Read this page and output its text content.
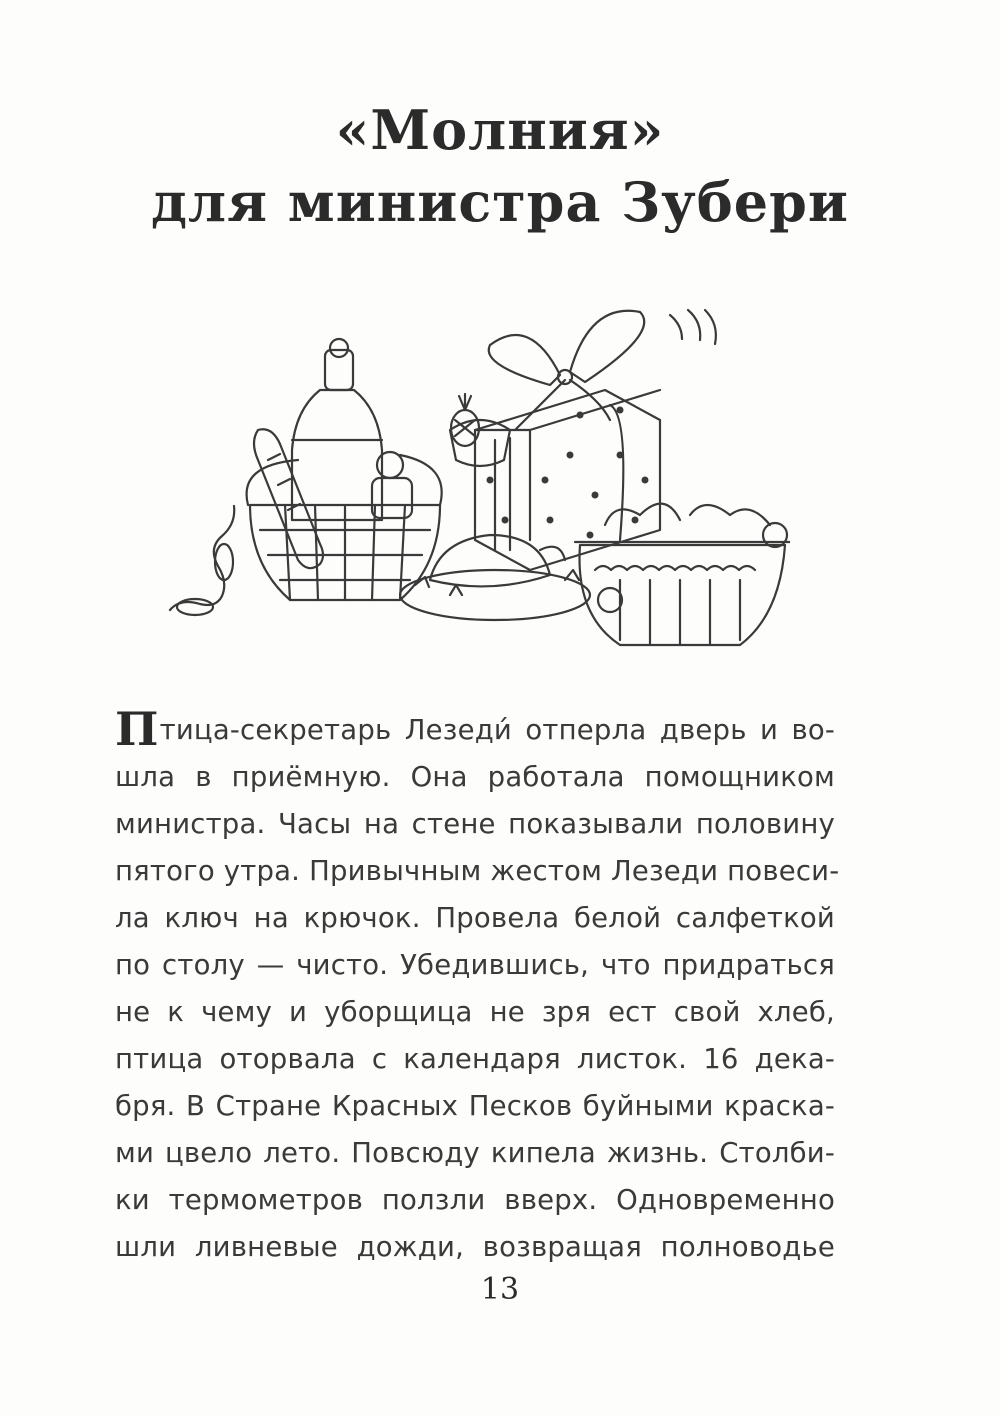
«Молния»
для министра Зубери
Птица-секретарь Лезеди́ отперла дверь и во-
шла в приёмную. Она работала помощником
министра. Часы на стене показывали половину
пятого утра. Привычным жестом Лезеди повеси-
ла ключ на крючок. Провела белой салфеткой
по столу — чисто. Убедившись, что придраться
не к чему и уборщица не зря ест свой хлеб,
птица оторвала с календаря листок. 16 дека-
бря. В Стране Красных Песков буйными краска-
ми цвело лето. Повсюду кипела жизнь. Столби-
ки термометров ползли вверх. Одновременно
шли ливневые дожди, возвращая полноводье
13
